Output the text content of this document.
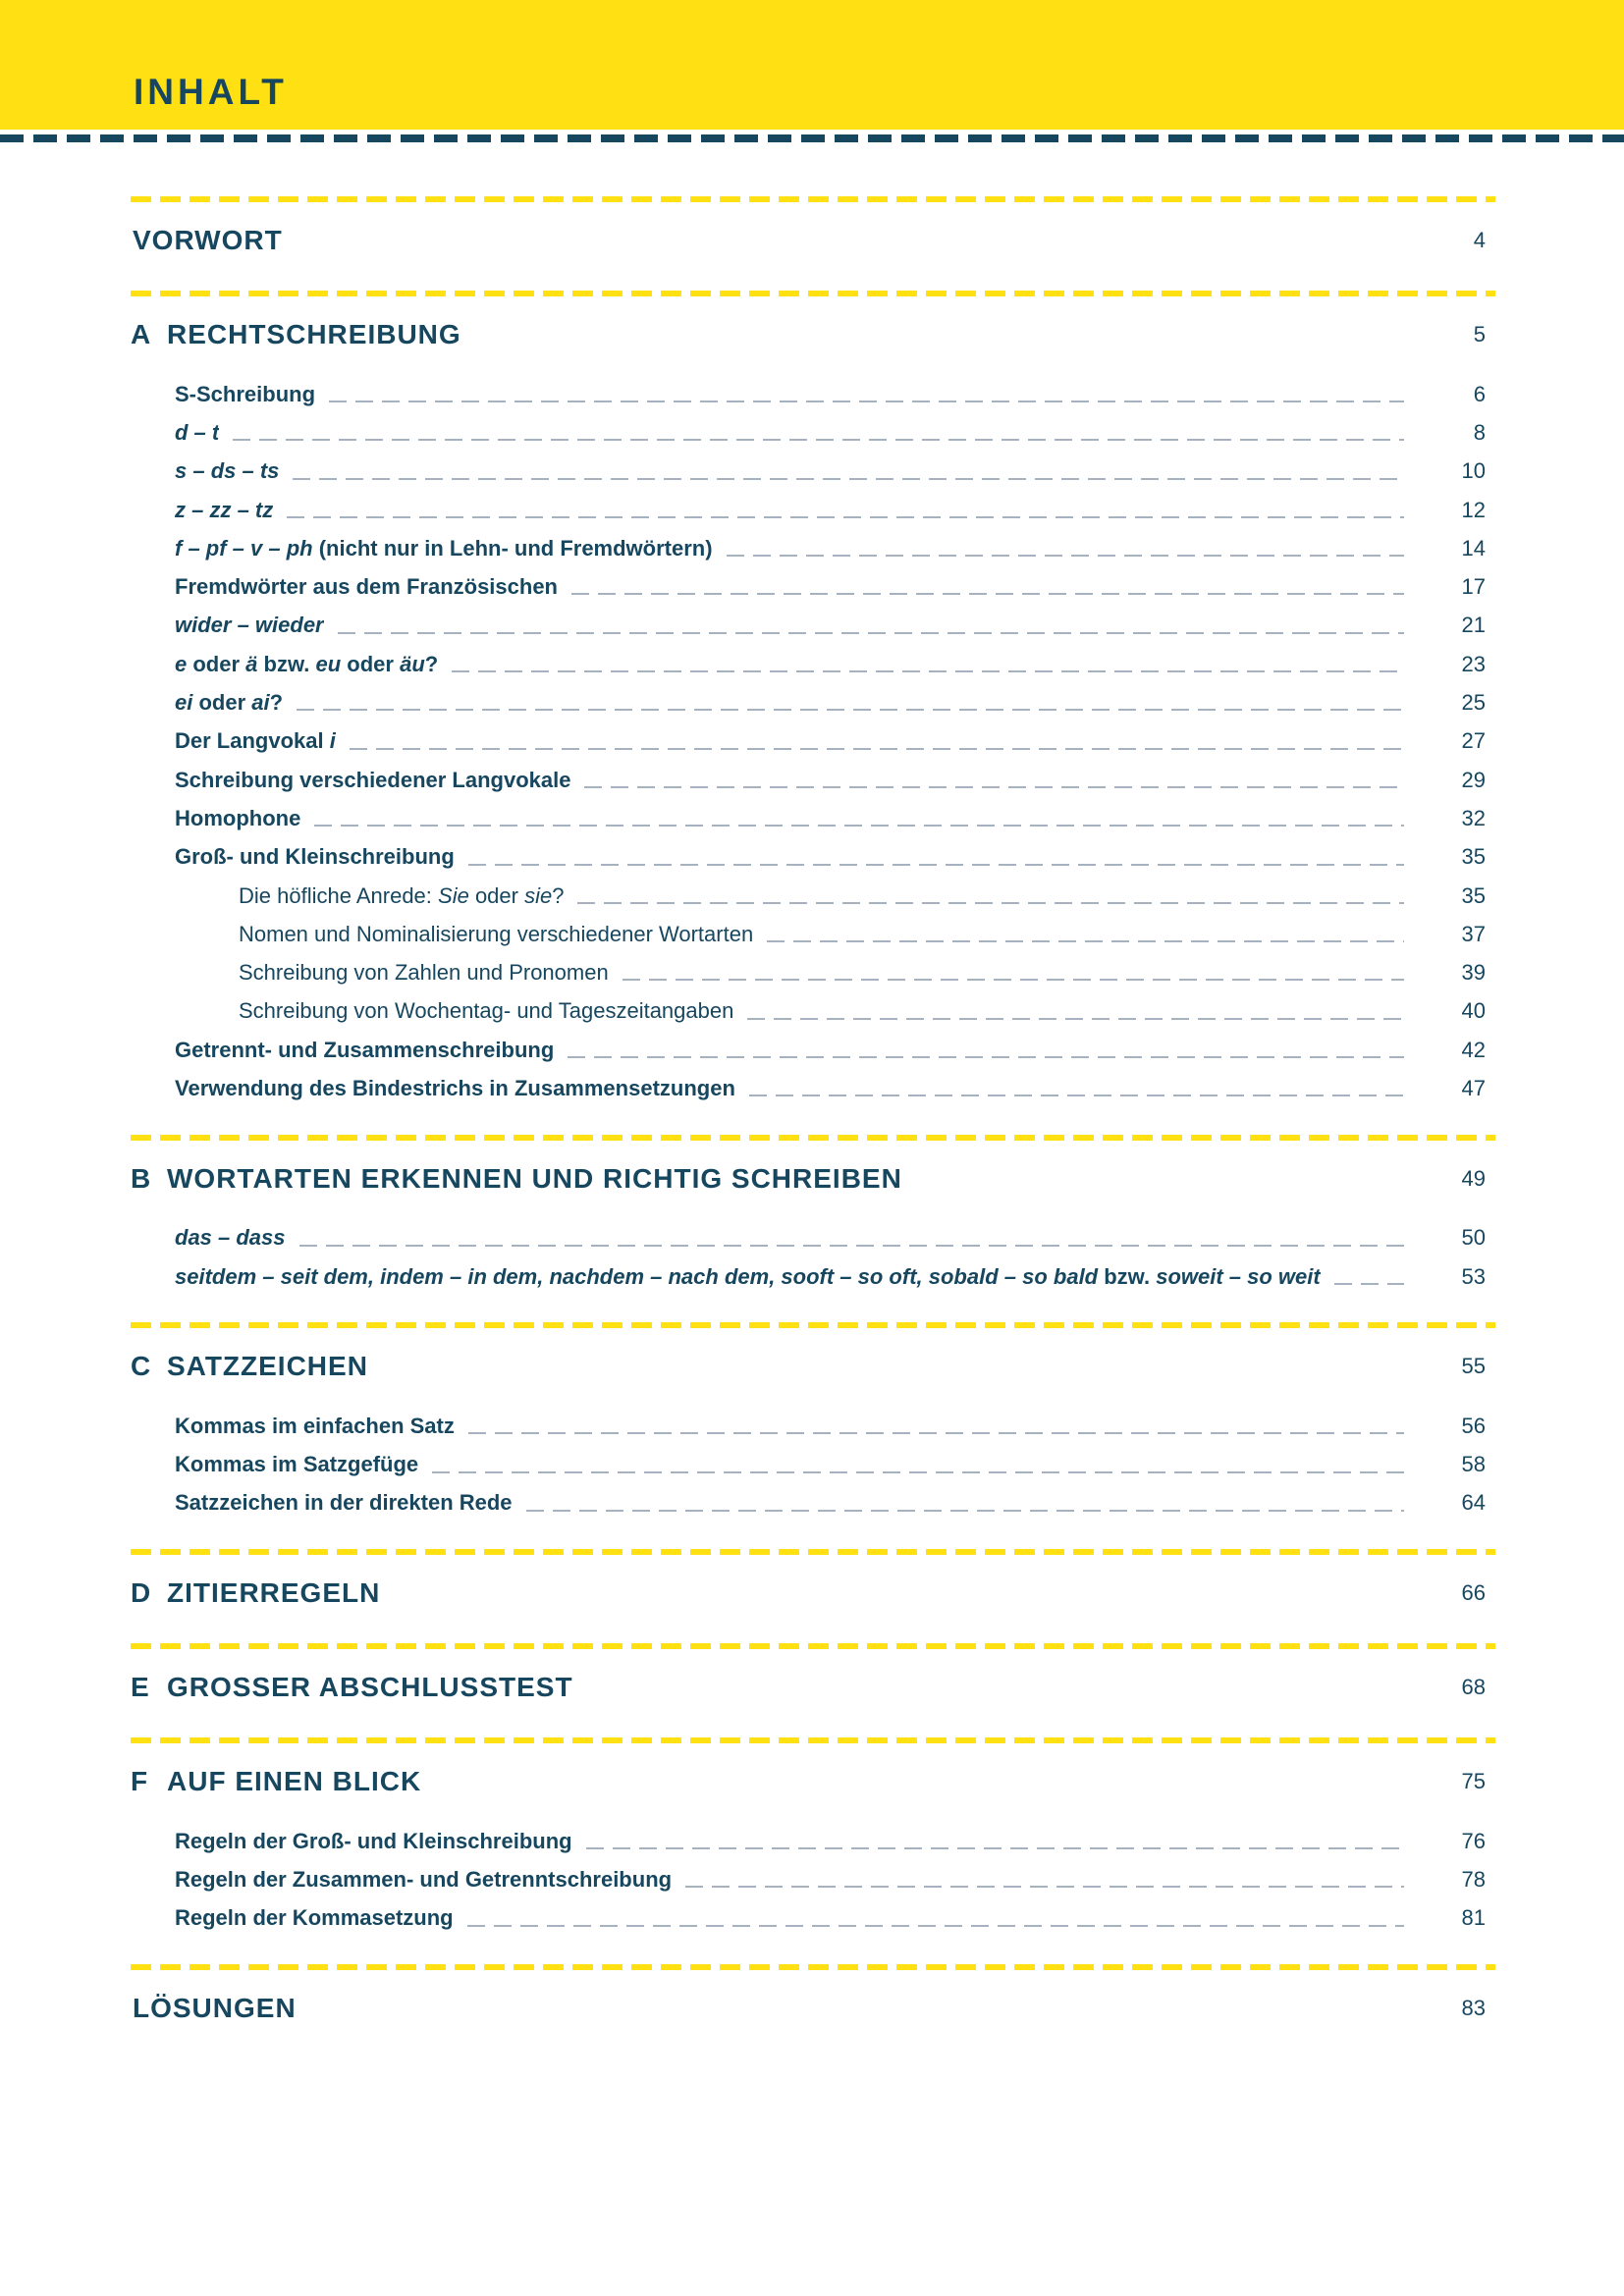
INHALT
VORWORT	4
A RECHTSCHREIBUNG	5
S-Schreibung	6
d – t	8
s – ds – ts	10
z – zz – tz	12
f – pf – v – ph (nicht nur in Lehn- und Fremdwörtern)	14
Fremdwörter aus dem Französischen	17
wider – wieder	21
e oder ä bzw. eu oder äu?	23
ei oder ai?	25
Der Langvokal i	27
Schreibung verschiedener Langvokale	29
Homophone	32
Groß- und Kleinschreibung	35
Die höfliche Anrede: Sie oder sie?	35
Nomen und Nominalisierung verschiedener Wortarten	37
Schreibung von Zahlen und Pronomen	39
Schreibung von Wochentag- und Tageszeitangaben	40
Getrennt- und Zusammenschreibung	42
Verwendung des Bindestrichs in Zusammensetzungen	47
B WORTARTEN ERKENNEN UND RICHTIG SCHREIBEN	49
das – dass	50
seitdem – seit dem, indem – in dem, nachdem – nach dem, sooft – so oft, sobald – so bald bzw. soweit – so weit	53
C SATZZEICHEN	55
Kommas im einfachen Satz	56
Kommas im Satzgefüge	58
Satzzeichen in der direkten Rede	64
D ZITIERREGELN	66
E GROSSER ABSCHLUSSTEST	68
F AUF EINEN BLICK	75
Regeln der Groß- und Kleinschreibung	76
Regeln der Zusammen- und Getrenntschreibung	78
Regeln der Kommasetzung	81
LÖSUNGEN	83
